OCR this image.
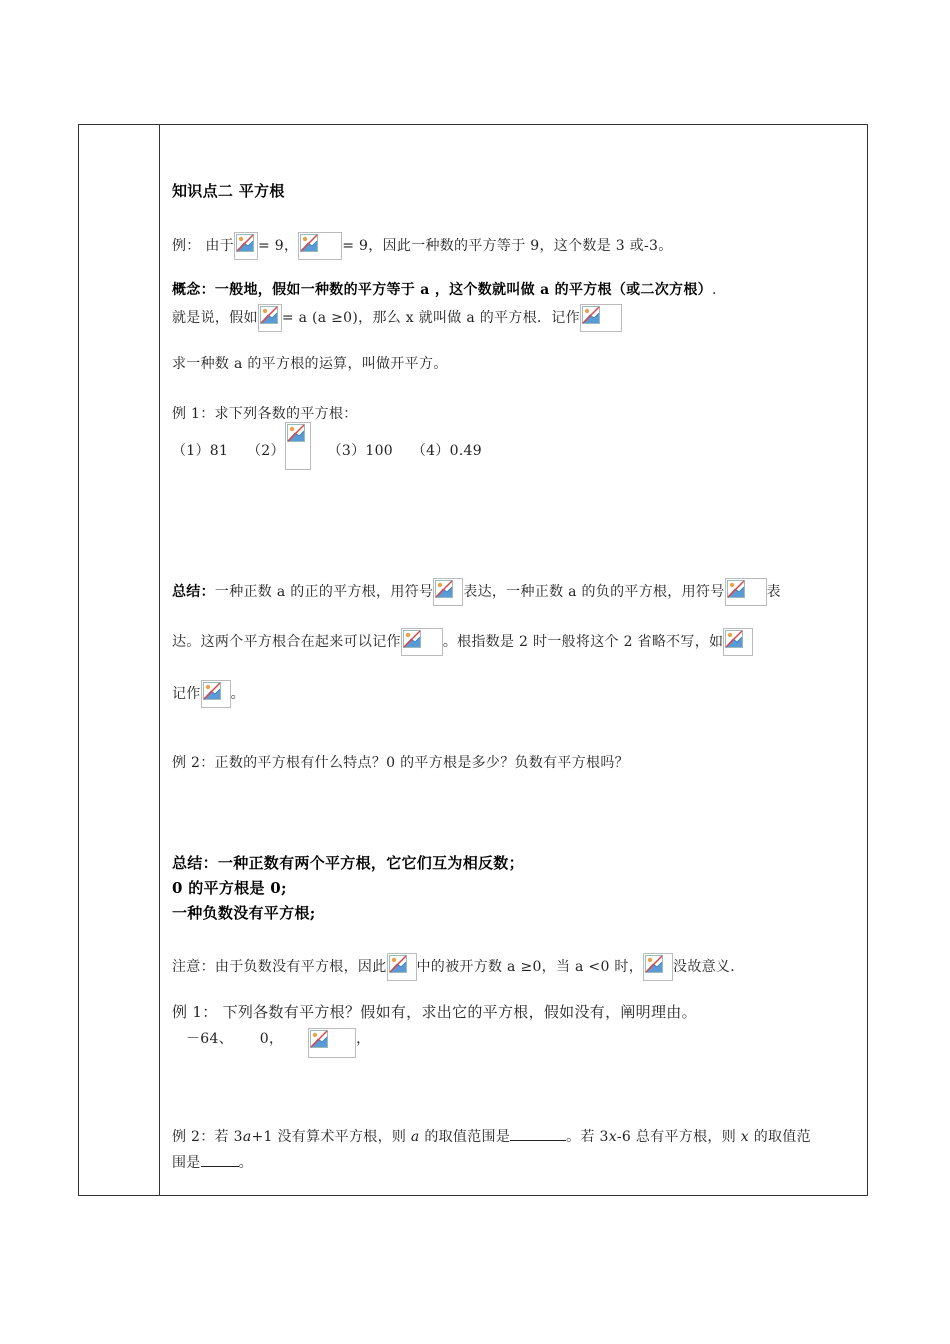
知识点二 平方根
例： 由于 = 9，	= 9，因此一种数的平方等于 9，这个数是 3 或-3。
概念：一般地，假如一种数的平方等于 a ，这个数就叫做 a 的平方根（或二次方根）.
就是说，假如 = a (a ≥0)，那么 x 就叫做 a 的平方根．记作
求一种数 a 的平方根的运算，叫做开平方。
例 1：求下列各数的平方根：
（1）81 （2）	（3）100 （4）0.49
总结：一种正数 a 的正的平方根，用符号 表达，一种正数 a 的负的平方根，用符号	表
达。这两个平方根合在起来可以记作	。根指数是 2 时一般将这个 2 省略不写，如
记作 。
例 2：正数的平方根有什么特点？0 的平方根是多少？负数有平方根吗？
总结：一种正数有两个平方根，它它们互为相反数；
0 的平方根是 0;
一种负数没有平方根;
注意：由于负数没有平方根，因此 中的被开方数 a ≥0，当 a <0 时， 没故意义.
例 1： 下列各数有平方根？假如有，求出它的平方根，假如没有，阐明理由。
－64、 0，	，
例 2：若 3a+1 没有算术平方根，则 a 的取值范围是	。若 3x-6 总有平方根，则 x 的取值范
围是	。
